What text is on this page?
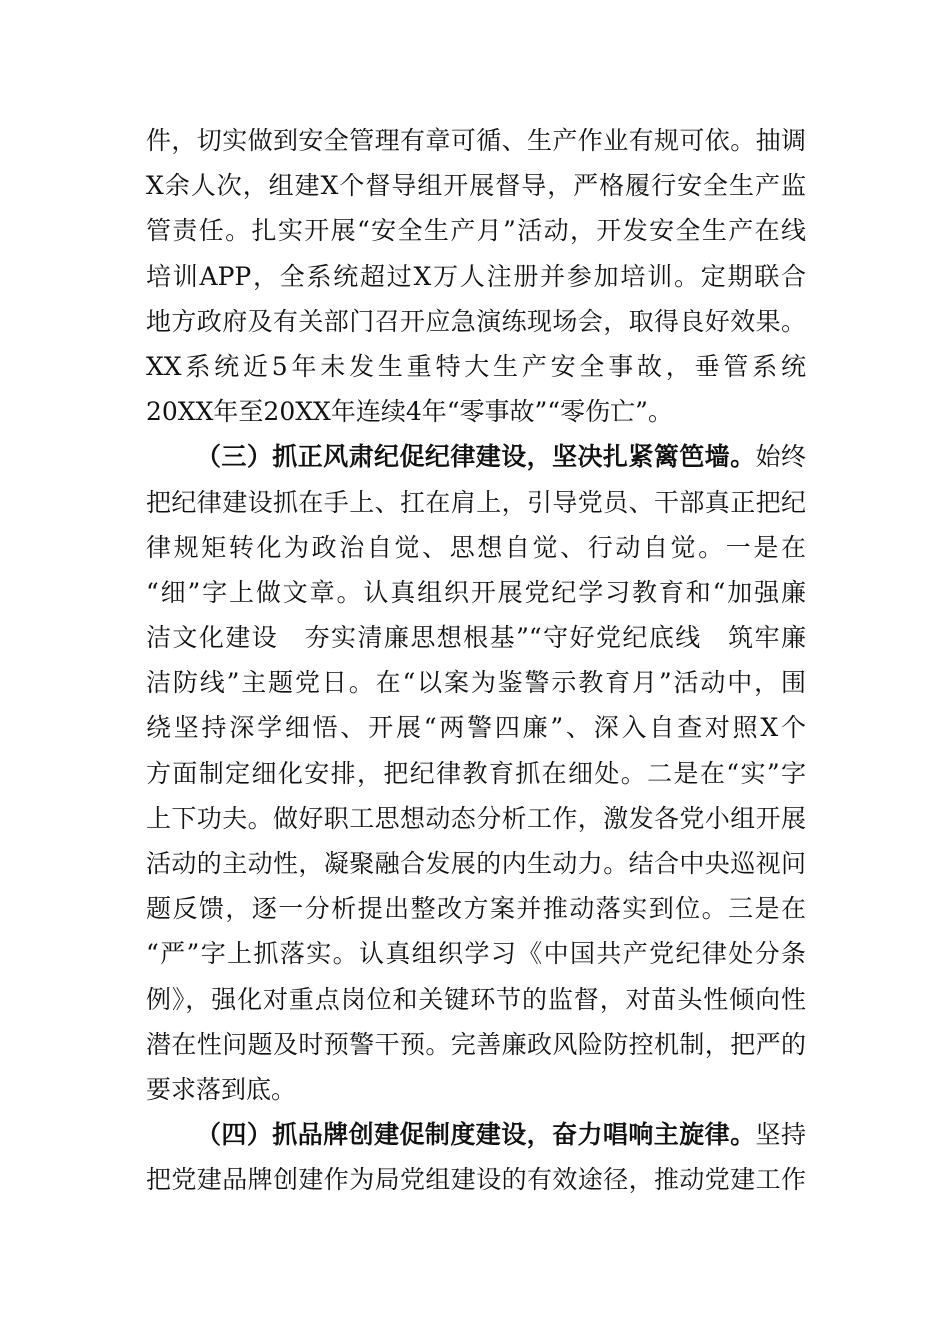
件，切实做到安全管理有章可循、生产作业有规可依。抽调
X余人次，组建X个督导组开展督导，严格履行安全生产监
管责任。扎实开展“安全生产月”活动，开发安全生产在线
培训APP，全系统超过X万人注册并参加培训。定期联合
地方政府及有关部门召开应急演练现场会，取得良好效果。
XX系统近5年未发生重特大生产安全事故，垂管系统
20XX年至20XX年连续4年“零事故”“零伤亡”。
（三）抓正风肃纪促纪律建设，坚决扎紧篱笆墙。始终
把纪律建设抓在手上、扛在肩上，引导党员、干部真正把纪
律规矩转化为政治自觉、思想自觉、行动自觉。一是在
“细”字上做文章。认真组织开展党纪学习教育和“加强廉
洁文化建设　夯实清廉思想根基”“守好党纪底线　筑牢廉
洁防线”主题党日。在“以案为鉴警示教育月”活动中，围
绕坚持深学细悟、开展“两警四廉”、深入自查对照X个
方面制定细化安排，把纪律教育抓在细处。二是在“实”字
上下功夫。做好职工思想动态分析工作，激发各党小组开展
活动的主动性，凝聚融合发展的内生动力。结合中央巡视问
题反馈，逐一分析提出整改方案并推动落实到位。三是在
“严”字上抓落实。认真组织学习《中国共产党纪律处分条
例》，强化对重点岗位和关键环节的监督，对苗头性倾向性
潜在性问题及时预警干预。完善廉政风险防控机制，把严的
要求落到底。
（四）抓品牌创建促制度建设，奋力唱响主旋律。坚持
把党建品牌创建作为局党组建设的有效途径，推动党建工作
